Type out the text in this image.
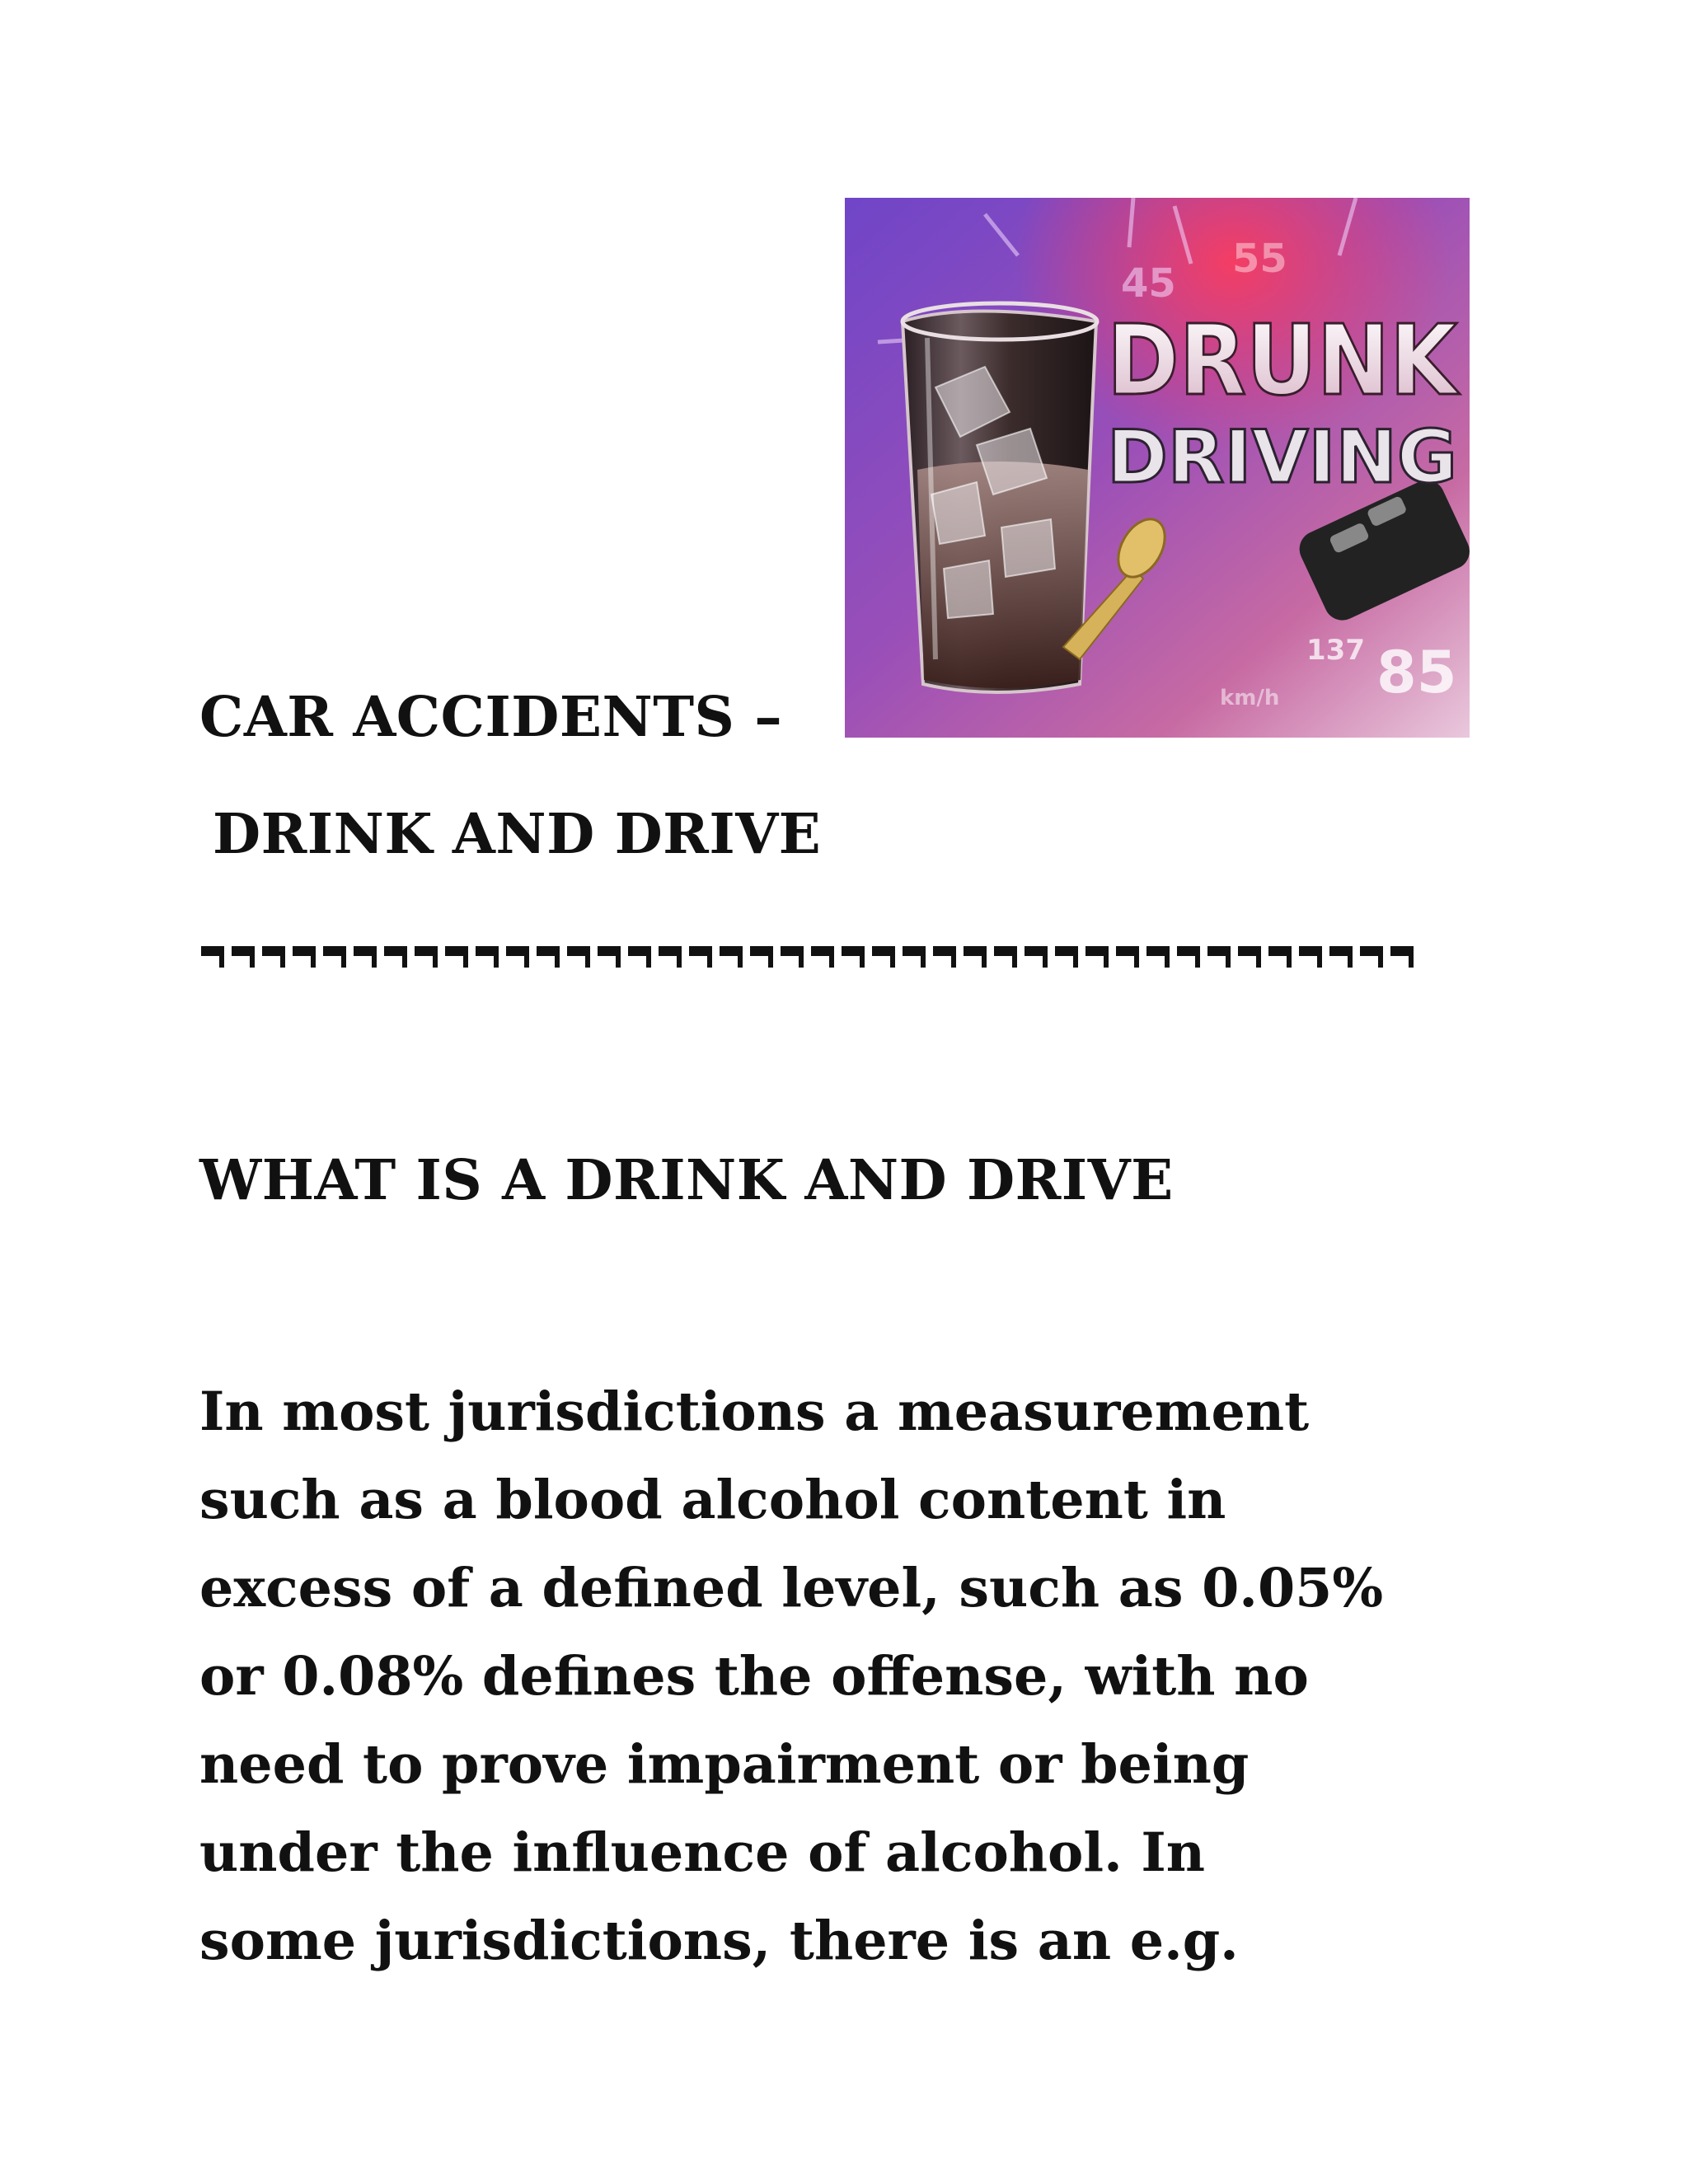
45
55
DRUNK
DRIVING
137 85
km/h
CAR ACCIDENTS –
DRINK AND DRIVE
WHAT IS A DRINK AND DRIVE

In most jurisdictions a measurement
such as a blood alcohol content in
excess of a defined level, such as 0.05%
or 0.08% defines the offense, with no
need to prove impairment or being
under the influence of alcohol. In
some jurisdictions, there is an e.g.
